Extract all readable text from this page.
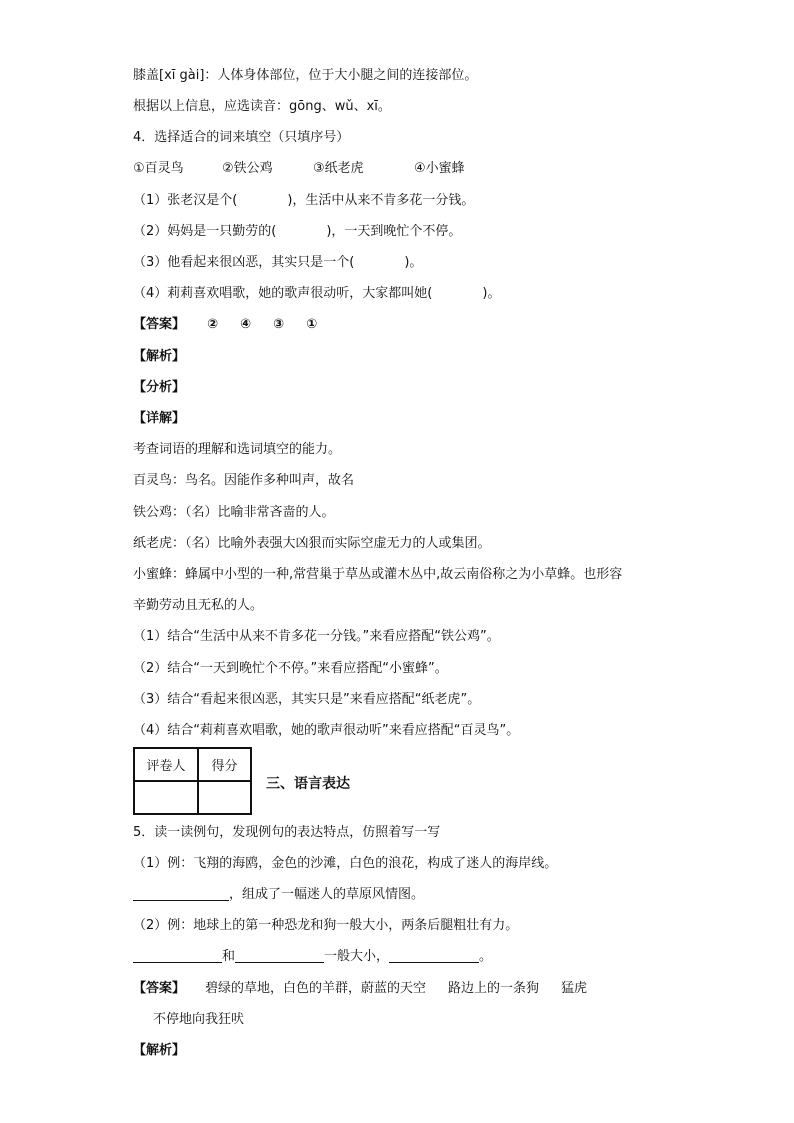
膝盖[xī gài]：人体身体部位，位于大小腿之间的连接部位。
根据以上信息，应选读音：gōng、wǔ、xī。
4．选择适合的词来填空（只填序号）
①百灵鸟	②铁公鸡	③纸老虎	④小蜜蜂
（1）张老汉是个(	)，生活中从来不肯多花一分钱。
（2）妈妈是一只勤劳的(	)，一天到晚忙个不停。
（3）他看起来很凶恶，其实只是一个(	)。
（4）莉莉喜欢唱歌，她的歌声很动听，大家都叫她(	)。
【答案】 ② ④ ③ ①
【解析】
【分析】
【详解】
考查词语的理解和选词填空的能力。
百灵鸟：鸟名。因能作多种叫声，故名
铁公鸡：（名）比喻非常吝啬的人。
纸老虎：（名）比喻外表强大凶狠而实际空虚无力的人或集团。
小蜜蜂：蜂属中小型的一种,常营巢于草丛或灌木丛中,故云南俗称之为小草蜂。也形容
辛勤劳动且无私的人。
（1）结合“生活中从来不肯多花一分钱。”来看应搭配“铁公鸡”。
（2）结合“一天到晚忙个不停。”来看应搭配“小蜜蜂”。
（3）结合“看起来很凶恶，其实只是”来看应搭配“纸老虎”。
（4）结合“莉莉喜欢唱歌，她的歌声很动听”来看应搭配“百灵鸟”。
评卷人	得分

三、语言表达
5．读一读例句，发现例句的表达特点，仿照着写一写
（1）例：飞翔的海鸥，金色的沙滩，白色的浪花，构成了迷人的海岸线。
，组成了一幅迷人的草原风情图。
（2）例：地球上的第一种恐龙和狗一般大小，两条后腿粗壮有力。
和	一般大小，	。
【答案】 碧绿的草地，白色的羊群，蔚蓝的天空 路边上的一条狗 猛虎
不停地向我狂吠
【解析】
